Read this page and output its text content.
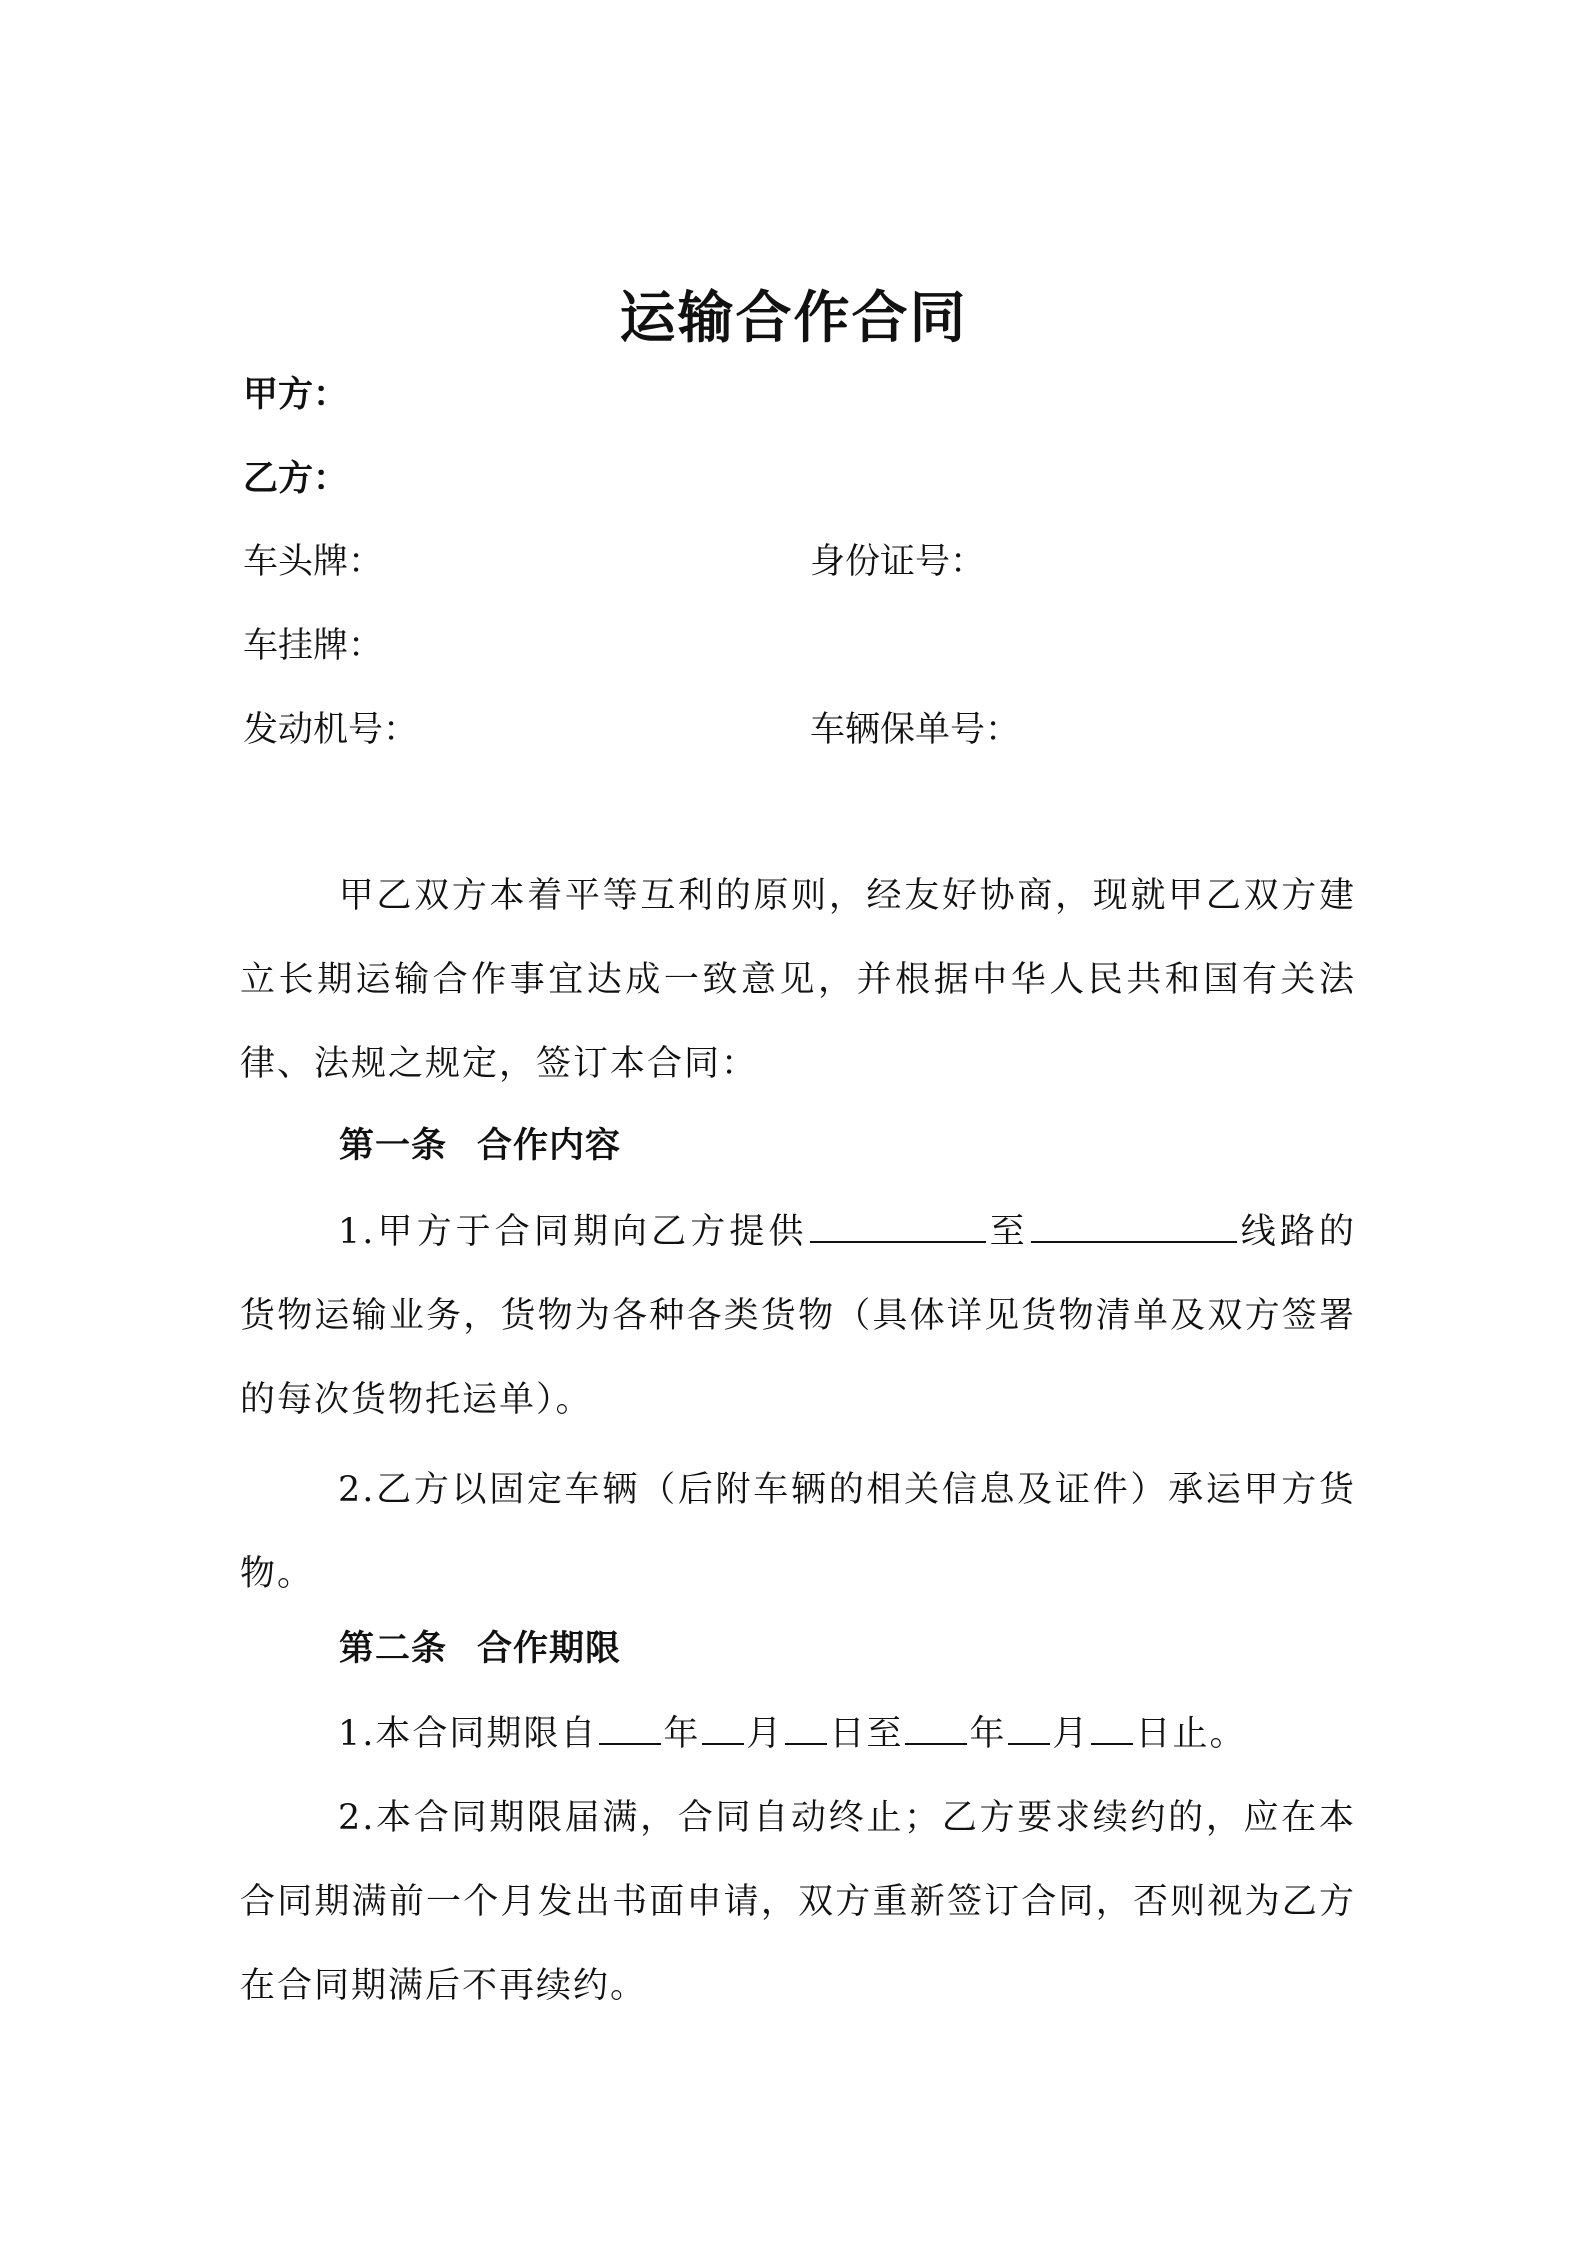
运输合作合同
甲方：
乙方：
车头牌：	身份证号：
车挂牌：
发动机号：	车辆保单号：
甲乙双方本着平等互利的原则，经友好协商，现就甲乙双方建立长期运输合作事宜达成一致意见，并根据中华人民共和国有关法律、法规之规定，签订本合同：
第一条 合作内容
1.甲方于合同期向乙方提供	至	线路的货物运输业务，货物为各种各类货物（具体详见货物清单及双方签署的每次货物托运单）。
2.乙方以固定车辆（后附车辆的相关信息及证件）承运甲方货物。
第二条 合作期限
1.本合同期限自 年 月 日至 年 月 日止。
2.本合同期限届满，合同自动终止；乙方要求续约的，应在本合同期满前一个月发出书面申请，双方重新签订合同，否则视为乙方在合同期满后不再续约。
